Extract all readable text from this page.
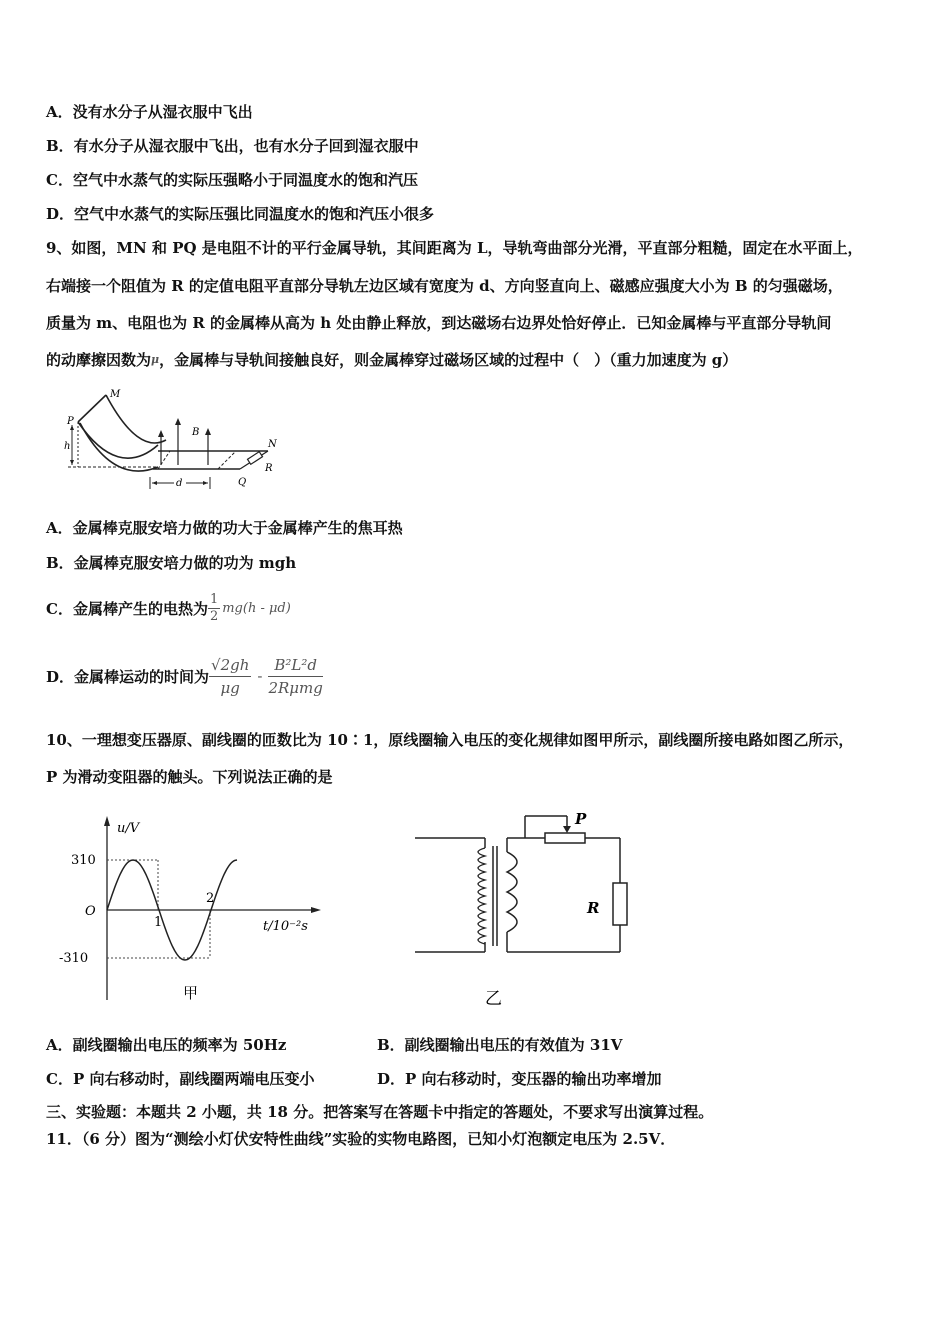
A．没有水分子从湿衣服中飞出
B．有水分子从湿衣服中飞出，也有水分子回到湿衣服中
C．空气中水蒸气的实际压强略小于同温度水的饱和汽压
D．空气中水蒸气的实际压强比同温度水的饱和汽压小很多
9、如图，MN 和 PQ 是电阻不计的平行金属导轨，其间距离为 L，导轨弯曲部分光滑，平直部分粗糙，固定在水平面上，
右端接一个阻值为 R 的定值电阻平直部分导轨左边区域有宽度为 d、方向竖直向上、磁感应强度大小为 B 的匀强磁场，
质量为 m、电阻也为 R 的金属棒从高为 h 处由静止释放，到达磁场右边界处恰好停止．已知金属棒与平直部分导轨间
的动摩擦因数为$^\mu$，金属棒与导轨间接触良好，则金属棒穿过磁场区域的过程中（　）（重力加速度为 g）
M
P
h
B
N
R
d	Q
A．金属棒克服安培力做的功大于金属棒产生的焦耳热
B．金属棒克服安培力做的功为 mgh
C．金属棒产生的电热为 $\frac{1}{2} mg(h - \mu d)$
D．金属棒运动的时间为 $\frac{√2gh}{\mu g} - \frac{\text{B²L²d}}{\text{2Rμmg}}$
10、一理想变压器原、副线圈的匝数比为 10∶1，原线圈输入电压的变化规律如图甲所示，副线圈所接电路如图乙所示，
P 为滑动变阻器的触头。下列说法正确的是
u/V
310
O
-310
1
2
t/10⁻²s
甲
P
R
乙
A．副线圈输出电压的频率为 50Hz	B．副线圈输出电压的有效值为 31V
C．P 向右移动时，副线圈两端电压变小	D．P 向右移动时，变压器的输出功率增加
三、实验题：本题共 2 小题，共 18 分。把答案写在答题卡中指定的答题处，不要求写出演算过程。
11．（6 分）图为“测绘小灯伏安特性曲线”实验的实物电路图，已知小灯泡额定电压为 2.5V．
